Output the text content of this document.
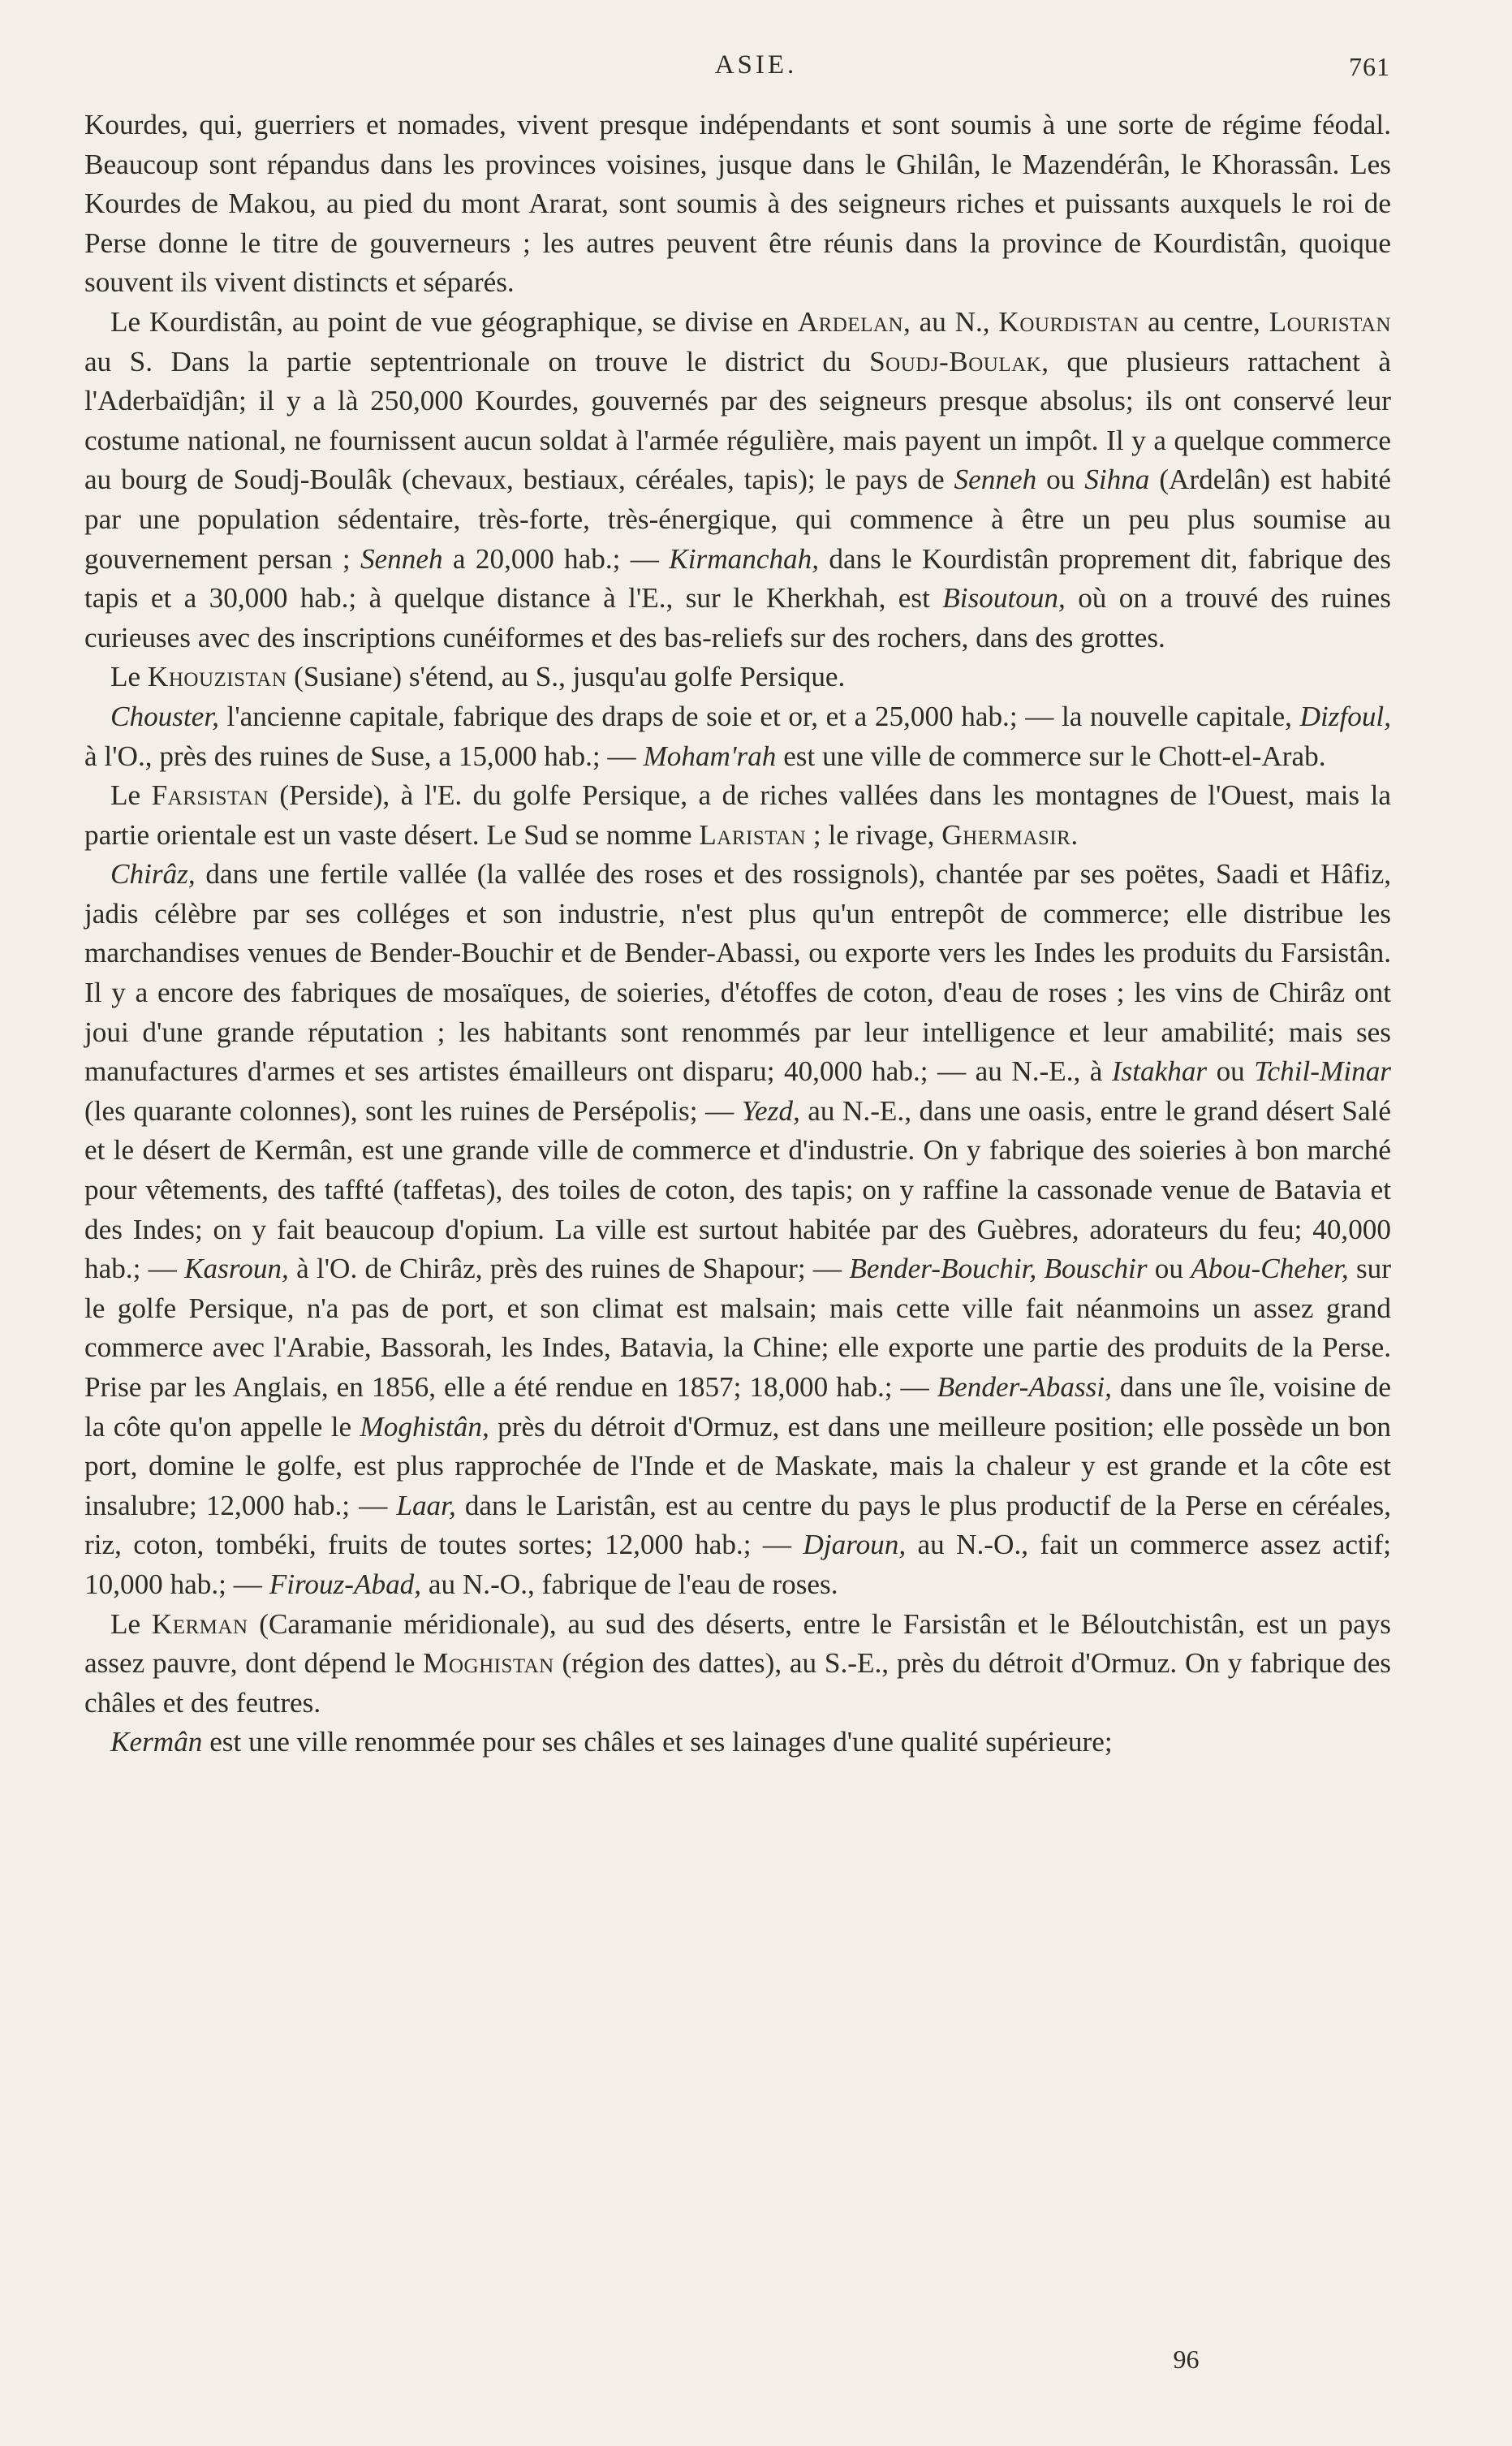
ASIE.	761

Kourdes, qui, guerriers et nomades, vivent presque indépendants et sont soumis à une sorte de régime féodal. Beaucoup sont répandus dans les provinces voisines, jusque dans le Ghilân, le Mazendérân, le Khorassân. Les Kourdes de Makou, au pied du mont Ararat, sont soumis à des seigneurs riches et puissants auxquels le roi de Perse donne le titre de gouverneurs ; les autres peuvent être réunis dans la province de Kourdistân, quoique souvent ils vivent distincts et séparés.

Le Kourdistân, au point de vue géographique, se divise en Ardelan, au N., Kourdistan au centre, Louristan au S. Dans la partie septentrionale on trouve le district du Soudj-Boulak, que plusieurs rattachent à l'Aderbaïdjân; il y a là 250,000 Kourdes, gouvernés par des seigneurs presque absolus; ils ont conservé leur costume national, ne fournissent aucun soldat à l'armée régulière, mais payent un impôt. Il y a quelque commerce au bourg de Soudj-Boulâk (chevaux, bestiaux, céréales, tapis); le pays de Senneh ou Sihna (Ardelân) est habité par une population sédentaire, très-forte, très-énergique, qui commence à être un peu plus soumise au gouvernement persan ; Senneh a 20,000 hab.; — Kirmanchah, dans le Kourdistân proprement dit, fabrique des tapis et a 30,000 hab.; à quelque distance à l'E., sur le Kherkhah, est Bisoutoun, où on a trouvé des ruines curieuses avec des inscriptions cunéiformes et des bas-reliefs sur des rochers, dans des grottes.

Le Khouzistan (Susiane) s'étend, au S., jusqu'au golfe Persique.

Chouster, l'ancienne capitale, fabrique des draps de soie et or, et a 25,000 hab.; — la nouvelle capitale, Dizfoul, à l'O., près des ruines de Suse, a 15,000 hab.; — Moham'rah est une ville de commerce sur le Chott-el-Arab.

Le Farsistan (Perside), à l'E. du golfe Persique, a de riches vallées dans les montagnes de l'Ouest, mais la partie orientale est un vaste désert. Le Sud se nomme Laristan ; le rivage, Ghermasir.

Chirâz, dans une fertile vallée (la vallée des roses et des rossignols), chantée par ses poëtes, Saadi et Hâfiz, jadis célèbre par ses colléges et son industrie, n'est plus qu'un entrepôt de commerce; elle distribue les marchandises venues de Bender-Bouchir et de Bender-Abassi, ou exporte vers les Indes les produits du Farsistân. Il y a encore des fabriques de mosaïques, de soieries, d'étoffes de coton, d'eau de roses ; les vins de Chirâz ont joui d'une grande réputation ; les habitants sont renommés par leur intelligence et leur amabilité; mais ses manufactures d'armes et ses artistes émailleurs ont disparu; 40,000 hab.; — au N.-E., à Istakhar ou Tchil-Minar (les quarante colonnes), sont les ruines de Persépolis; — Yezd, au N.-E., dans une oasis, entre le grand désert Salé et le désert de Kermân, est une grande ville de commerce et d'industrie. On y fabrique des soieries à bon marché pour vêtements, des taffté (taffetas), des toiles de coton, des tapis; on y raffine la cassonade venue de Batavia et des Indes; on y fait beaucoup d'opium. La ville est surtout habitée par des Guèbres, adorateurs du feu; 40,000 hab.; — Kasroun, à l'O. de Chirâz, près des ruines de Shapour; — Bender-Bouchir, Bouschir ou Abou-Cheher, sur le golfe Persique, n'a pas de port, et son climat est malsain; mais cette ville fait néanmoins un assez grand commerce avec l'Arabie, Bassorah, les Indes, Batavia, la Chine; elle exporte une partie des produits de la Perse. Prise par les Anglais, en 1856, elle a été rendue en 1857; 18,000 hab.; — Bender-Abassi, dans une île, voisine de la côte qu'on appelle le Moghistân, près du détroit d'Ormuz, est dans une meilleure position; elle possède un bon port, domine le golfe, est plus rapprochée de l'Inde et de Maskate, mais la chaleur y est grande et la côte est insalubre; 12,000 hab.; — Laar, dans le Laristân, est au centre du pays le plus productif de la Perse en céréales, riz, coton, tombéki, fruits de toutes sortes; 12,000 hab.; — Djaroun, au N.-O., fait un commerce assez actif; 10,000 hab.; — Firouz-Abad, au N.-O., fabrique de l'eau de roses.

Le Kerman (Caramanie méridionale), au sud des déserts, entre le Farsistân et le Béloutchistân, est un pays assez pauvre, dont dépend le Moghistan (région des dattes), au S.-E., près du détroit d'Ormuz. On y fabrique des châles et des feutres.

Kermân est une ville renommée pour ses châles et ses lainages d'une qualité supérieure;

96
